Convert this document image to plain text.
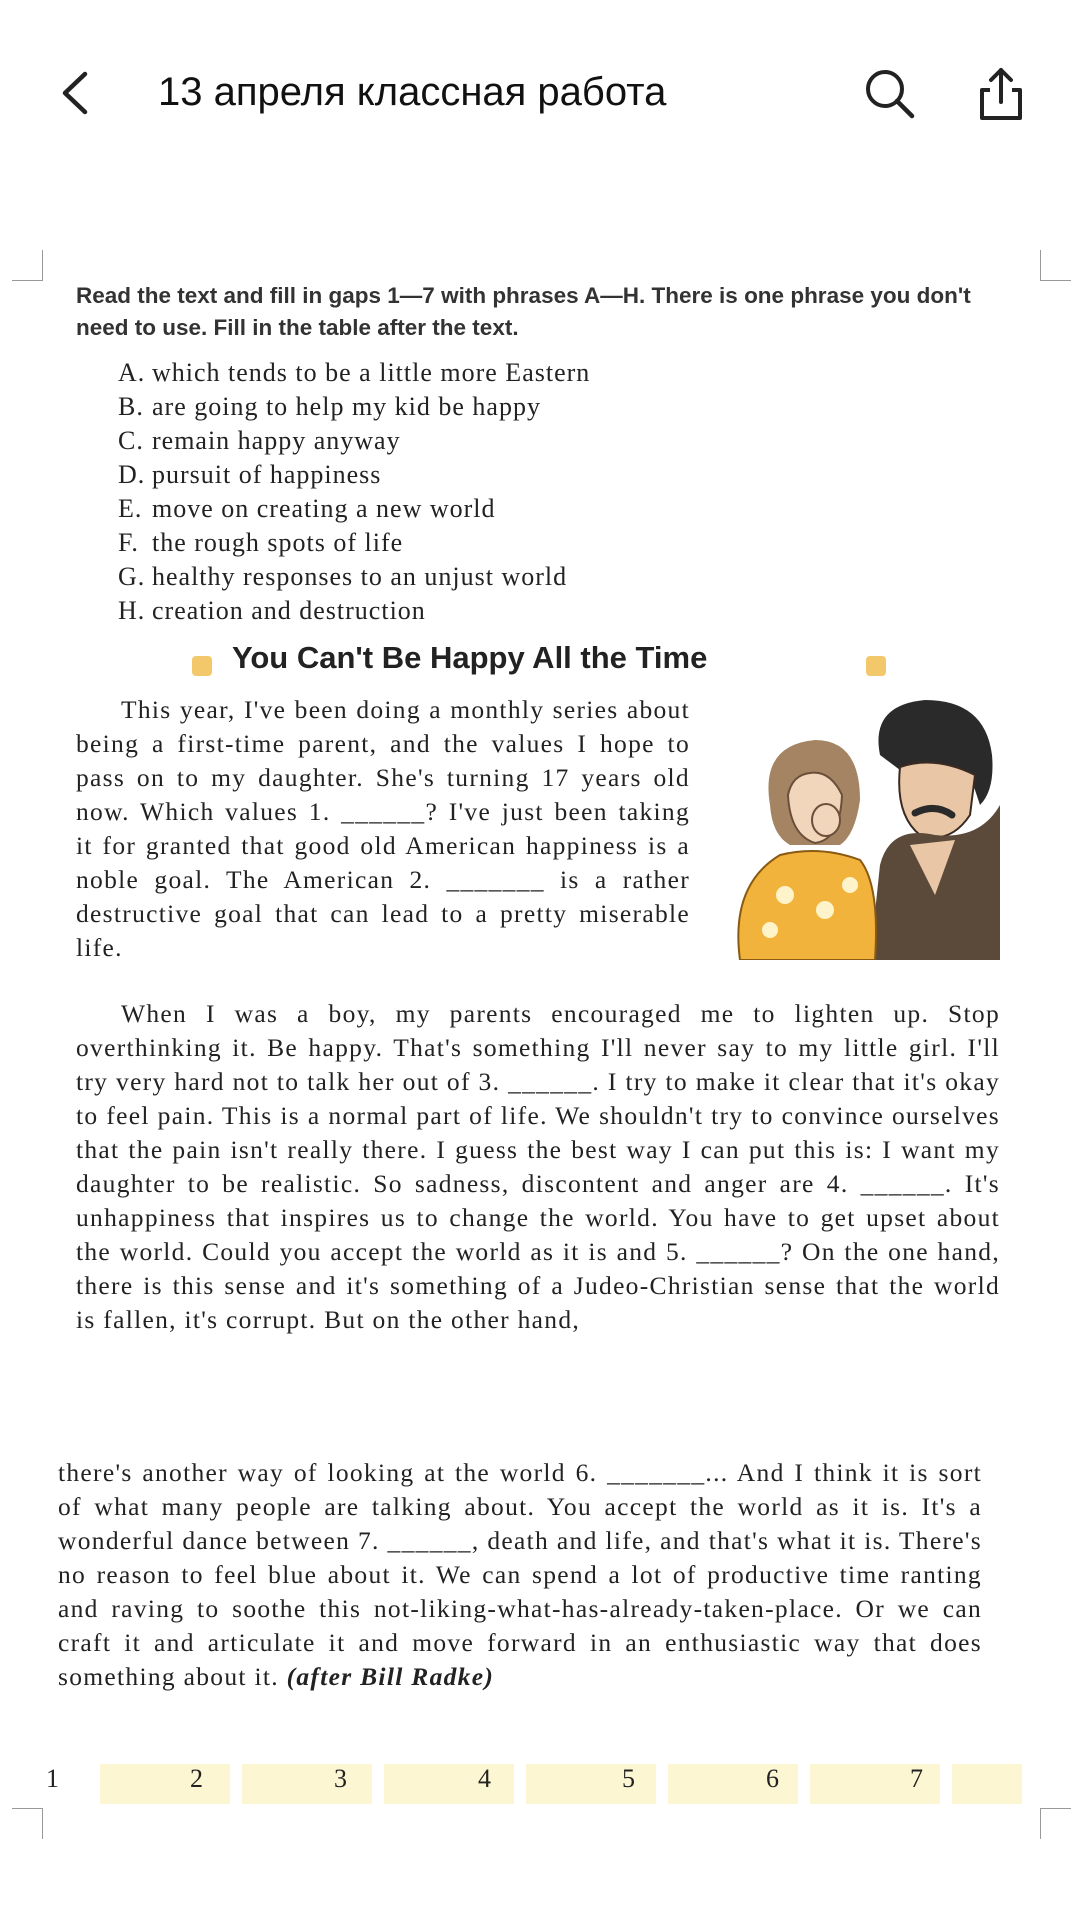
13 апреля классная работа
Read the text and fill in gaps 1—7 with phrases A—H. There is one phrase you don't need to use. Fill in the table after the text.
A. which tends to be a little more Eastern
B. are going to help my kid be happy
C. remain happy anyway
D. pursuit of happiness
E. move on creating a new world
F. the rough spots of life
G. healthy responses to an unjust world
H. creation and destruction
You Can't Be Happy All the Time

This year, I've been doing a monthly series about being a first-time parent, and the values I hope to pass on to my daughter. She's turning 17 years old now. Which values 1. ______? I've just been taking it for granted that good old American happiness is a noble goal. The American 2. _______ is a rather destructive goal that can lead to a pretty miserable life.

When I was a boy, my parents encouraged me to lighten up. Stop overthinking it. Be happy. That's something I'll never say to my little girl. I'll try very hard not to talk her out of 3. ______. I try to make it clear that it's okay to feel pain. This is a normal part of life. We shouldn't try to convince ourselves that the pain isn't really there. I guess the best way I can put this is: I want my daughter to be realistic. So sadness, discontent and anger are 4. ______. It's unhappiness that inspires us to change the world. You have to get upset about the world. Could you accept the world as it is and 5. ______? On the one hand, there is this sense and it's something of a Judeo-Christian sense that the world is fallen, it's corrupt. But on the other hand,

there's another way of looking at the world 6. _______... And I think it is sort of what many people are talking about. You accept the world as it is. It's a wonderful dance between 7. ______, death and life, and that's what it is. There's no reason to feel blue about it. We can spend a lot of productive time ranting and raving to soothe this not-liking-what-has-already-taken-place. Or we can craft it and articulate it and move forward in an enthusiastic way that does something about it. (after Bill Radke)

1	2	3	4	5	6	7
